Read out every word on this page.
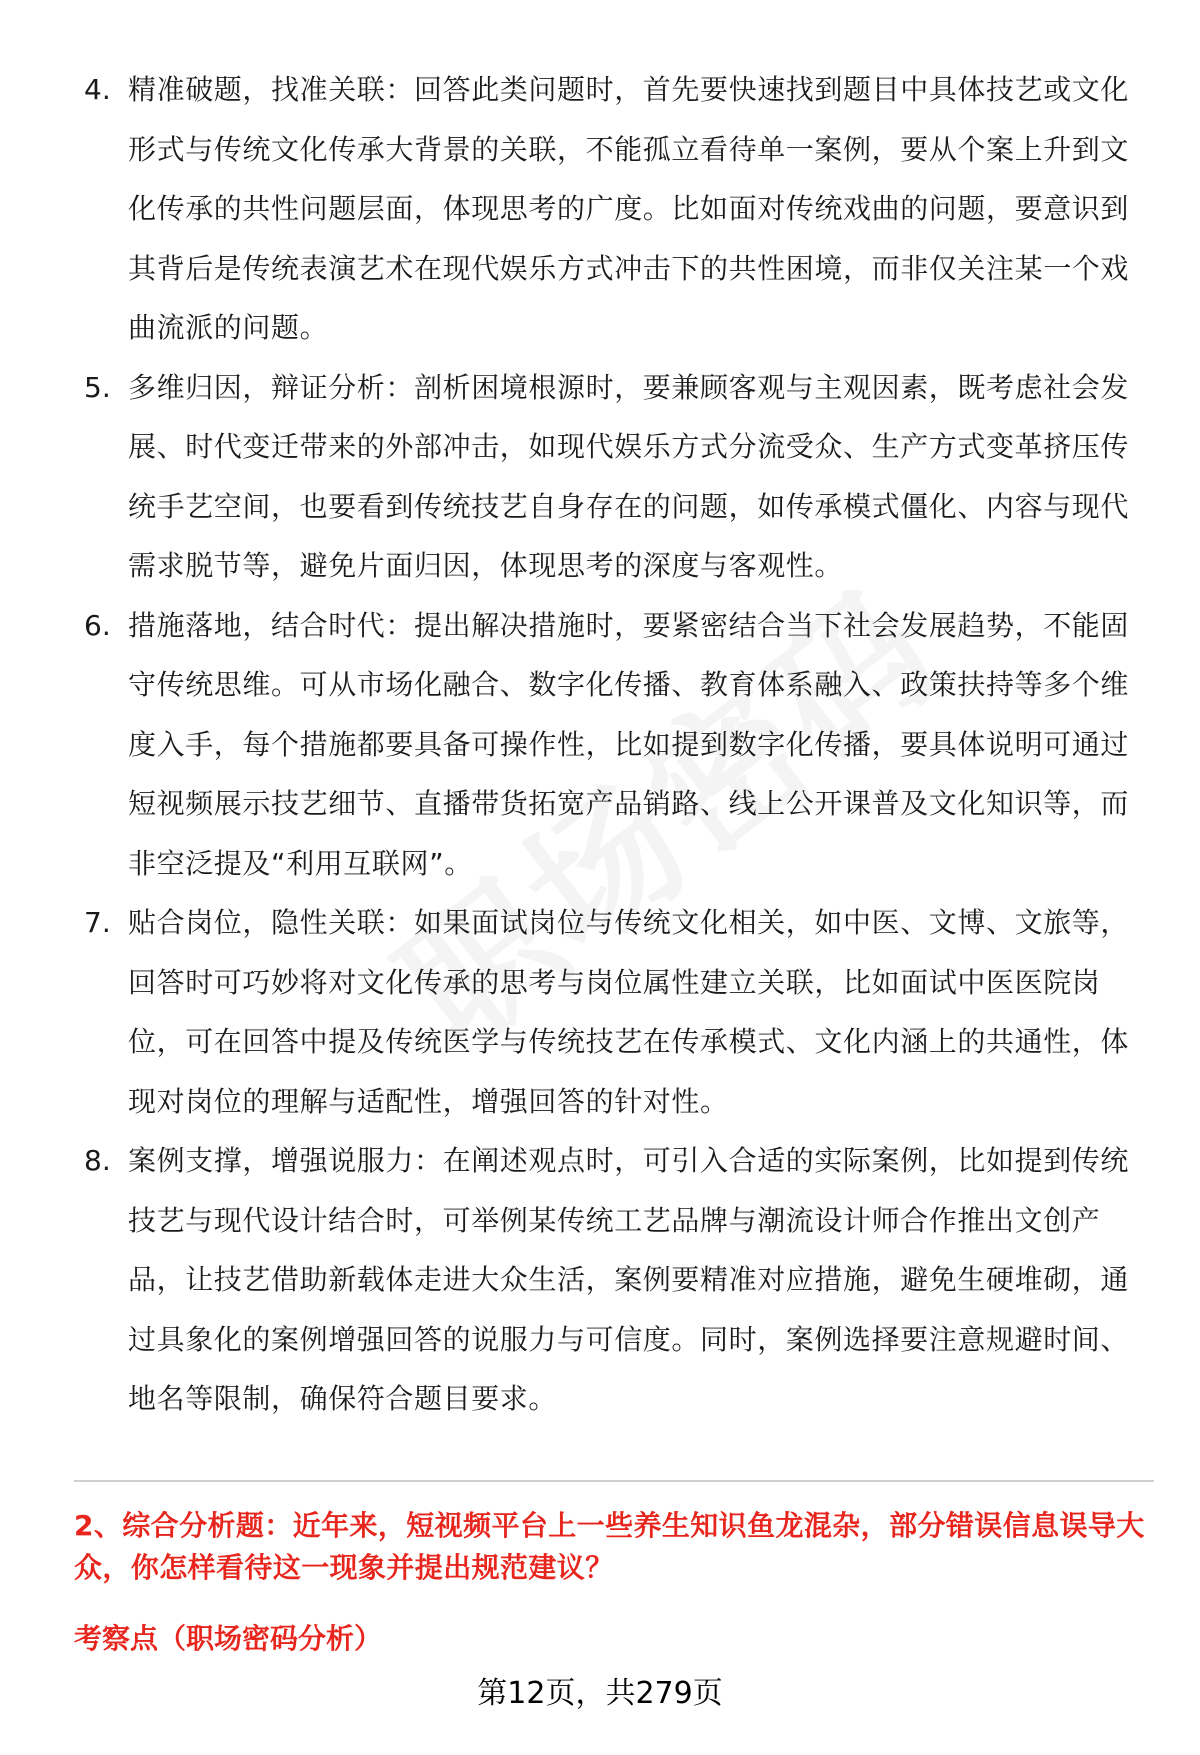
4. 精准破题，找准关联：回答此类问题时，首先要快速找到题目中具体技艺或文化形式与传统文化传承大背景的关联，不能孤立看待单一案例，要从个案上升到文化传承的共性问题层面，体现思考的广度。比如面对传统戏曲的问题，要意识到其背后是传统表演艺术在现代娱乐方式冲击下的共性困境，而非仅关注某一个戏曲流派的问题。
5. 多维归因，辩证分析：剖析困境根源时，要兼顾客观与主观因素，既考虑社会发展、时代变迁带来的外部冲击，如现代娱乐方式分流受众、生产方式变革挤压传统手艺空间，也要看到传统技艺自身存在的问题，如传承模式僵化、内容与现代需求脱节等，避免片面归因，体现思考的深度与客观性。
6. 措施落地，结合时代：提出解决措施时，要紧密结合当下社会发展趋势，不能固守传统思维。可从市场化融合、数字化传播、教育体系融入、政策扶持等多个维度入手，每个措施都要具备可操作性，比如提到数字化传播，要具体说明可通过短视频展示技艺细节、直播带货拓宽产品销路、线上公开课普及文化知识等，而非空泛提及“利用互联网”。
7. 贴合岗位，隐性关联：如果面试岗位与传统文化相关，如中医、文博、文旅等，回答时可巧妙将对文化传承的思考与岗位属性建立关联，比如面试中医医院岗位，可在回答中提及传统医学与传统技艺在传承模式、文化内涵上的共通性，体现对岗位的理解与适配性，增强回答的针对性。
8. 案例支撑，增强说服力：在阐述观点时，可引入合适的实际案例，比如提到传统技艺与现代设计结合时，可举例某传统工艺品牌与潮流设计师合作推出文创产品，让技艺借助新载体走进大众生活，案例要精准对应措施，避免生硬堆砌，通过具象化的案例增强回答的说服力与可信度。同时，案例选择要注意规避时间、地名等限制，确保符合题目要求。
2、综合分析题：近年来，短视频平台上一些养生知识鱼龙混杂，部分错误信息误导大众，你怎样看待这一现象并提出规范建议？
考察点（职场密码分析）
第12页，共279页
